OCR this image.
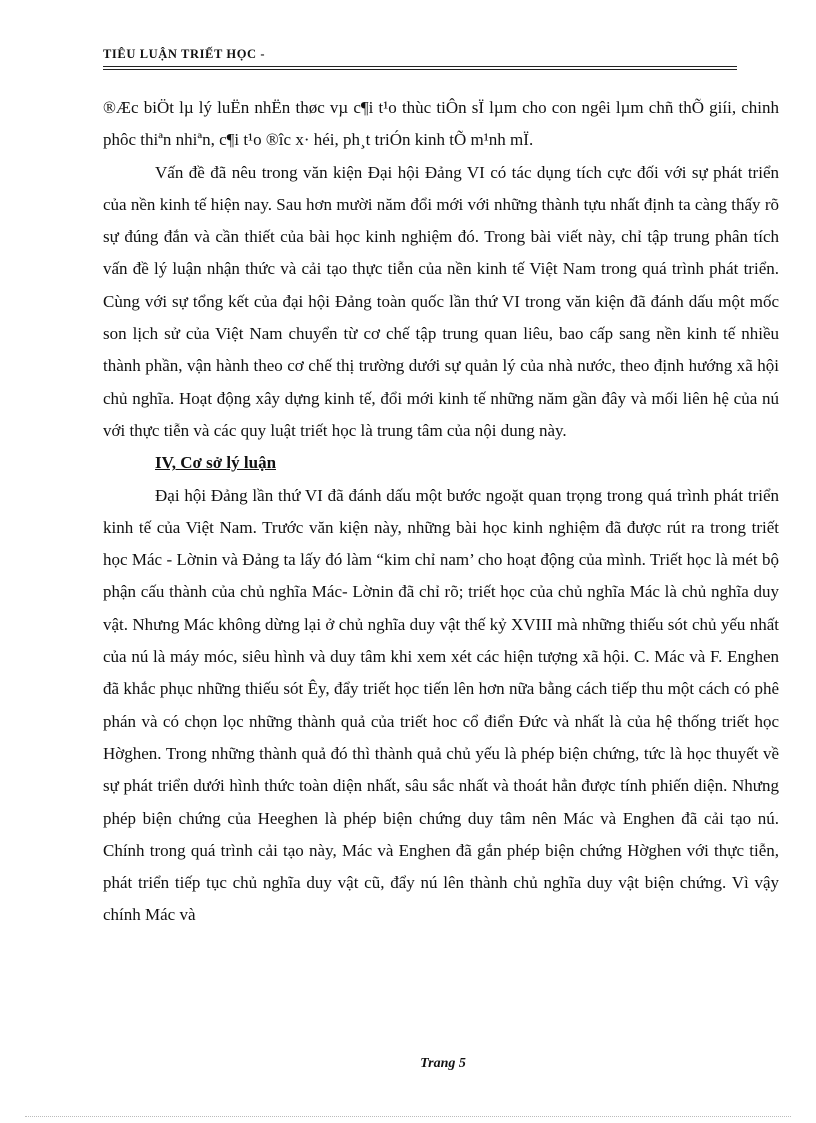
TIÊU LUẬN TRIẾT HỌC -

®Æc biÖt lµ lý luËn nhËn thøc vµ c¶i t¹o thùc tiÔn sÏ lµm cho con ngêi lµm chñ thÕ giíi, chinh phôc thiªn nhiªn, c¶i t¹o ®îc x· héi, ph¸t triÓn kinh tÕ m¹nh mÏ.

Vấn đề đã nêu trong văn kiện Đại hội Đảng VI có tác dụng tích cực đối với sự phát triển của nền kinh tế hiện nay. Sau hơn mười năm đổi mới với những thành tựu nhất định ta càng thấy rõ sự đúng đắn và cần thiết của bài học kinh nghiệm đó. Trong bài viết này, chỉ tập trung phân tích vấn đề lý luận nhận thức và cải tạo thực tiễn của nền kinh tế Việt Nam trong quá trình phát triển. Cùng với sự tổng kết của đại hội Đảng toàn quốc lần thứ VI trong văn kiện đã đánh dấu một mốc son lịch sử của Việt Nam chuyển từ cơ chế tập trung quan liêu, bao cấp sang nền kinh tế nhiều thành phần, vận hành theo cơ chế thị trường dưới sự quản lý của nhà nước, theo định hướng xã hội chủ nghĩa. Hoạt động xây dựng kinh tế, đổi mới kinh tế những năm gần đây và mối liên hệ của nú với thực tiễn và các quy luật triết học là trung tâm của nội dung này.

IV, Cơ sở lý luận

Đại hội Đảng lần thứ VI đã đánh dấu một bước ngoặt quan trọng trong quá trình phát triển kinh tế của Việt Nam. Trước văn kiện này, những bài học kinh nghiệm đã được rút ra trong triết học Mác - Lờnin và Đảng ta lấy đó làm “kim chỉ nam’ cho hoạt động của mình. Triết học là mét bộ phận cấu thành của chủ nghĩa Mác- Lờnin đã chỉ rõ; triết học của chủ nghĩa Mác là chủ nghĩa duy vật. Nhưng Mác không dừng lại ở chủ nghĩa duy vật thế kỷ XVIII mà những thiếu sót chủ yếu nhất của nú là máy móc, siêu hình và duy tâm khi xem xét các hiện tượng xã hội. C. Mác và F. Enghen đã khắc phục những thiếu sót Êy, đẩy triết học tiến lên hơn nữa bằng cách tiếp thu một cách có phê phán và có chọn lọc những thành quả của triết hoc cổ điển Đức và nhất là của hệ thống triết học Hờghen. Trong những thành quả đó thì thành quả chủ yếu là phép biện chứng, tức là học thuyết về sự phát triển dưới hình thức toàn diện nhất, sâu sắc nhất và thoát hẳn được tính phiến diện. Nhưng phép biện chứng của Heeghen là phép biện chứng duy tâm nên Mác và Enghen đã cải tạo nú. Chính trong quá trình cải tạo này, Mác và Enghen đã gắn phép biện chứng Hờghen với thực tiễn, phát triển tiếp tục chủ nghĩa duy vật cũ, đẩy nú lên thành chủ nghĩa duy vật biện chứng. Vì vậy chính Mác và

Trang 5
